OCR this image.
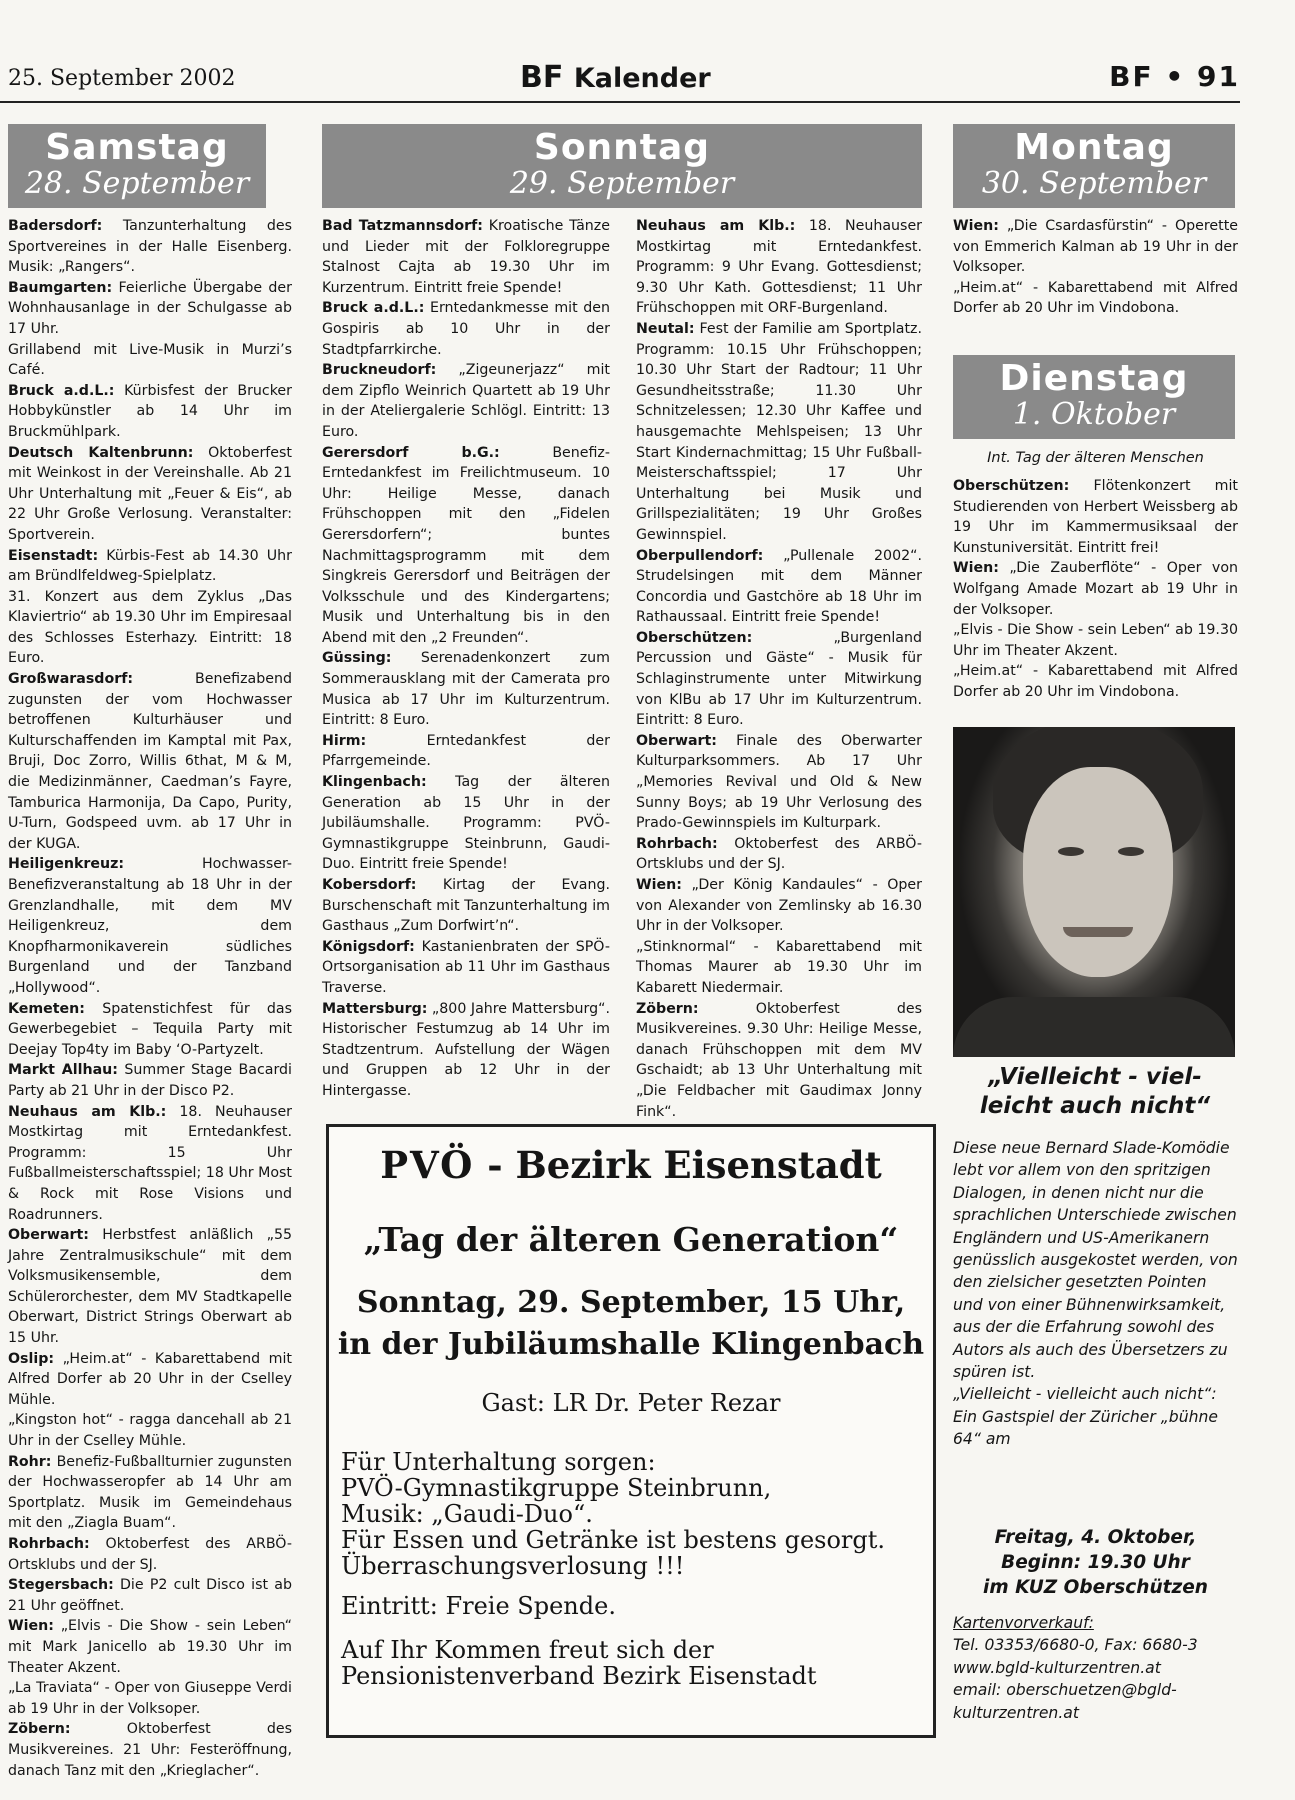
25. September 2002	BF Kalender	BF • 91
Samstag
28. September
Sonntag
29. September
Montag
30. September
Dienstag
1. Oktober

Badersdorf: Tanzunterhaltung des Sportvereines in der Halle Eisenberg. Musik: „Rangers“.

Baumgarten: Feierliche Übergabe der Wohnhausanlage in der Schulgasse ab 17 Uhr.

Grillabend mit Live-Musik in Murzi’s Café.

Bruck a.d.L.: Kürbisfest der Brucker Hobbykünstler ab 14 Uhr im Bruckmühlpark.

Deutsch Kaltenbrunn: Oktoberfest mit Weinkost in der Vereinshalle. Ab 21 Uhr Unterhaltung mit „Feuer & Eis“, ab 22 Uhr Große Verlosung. Veranstalter: Sportverein.

Eisenstadt: Kürbis-Fest ab 14.30 Uhr am Bründlfeldweg-Spielplatz.

31. Konzert aus dem Zyklus „Das Klaviertrio“ ab 19.30 Uhr im Empiresaal des Schlosses Esterhazy. Eintritt: 18 Euro.

Großwarasdorf: Benefizabend zugunsten der vom Hochwasser betroffenen Kulturhäuser und Kulturschaffenden im Kamptal mit Pax, Bruji, Doc Zorro, Willis 6that, M & M, die Medizinmänner, Caedman’s Fayre, Tamburica Harmonija, Da Capo, Purity, U-Turn, Godspeed uvm. ab 17 Uhr in der KUGA.

Heiligenkreuz: Hochwasser-Benefizveranstaltung ab 18 Uhr in der Grenzlandhalle, mit dem MV Heiligenkreuz, dem Knopfharmonikaverein südliches Burgenland und der Tanzband „Hollywood“.

Kemeten: Spatenstichfest für das Gewerbegebiet – Tequila Party mit Deejay Top4ty im Baby ‘O-Partyzelt.

Markt Allhau: Summer Stage Bacardi Party ab 21 Uhr in der Disco P2.

Neuhaus am Klb.: 18. Neuhauser Mostkirtag mit Erntedankfest. Programm: 15 Uhr Fußballmeisterschaftsspiel; 18 Uhr Most & Rock mit Rose Visions und Roadrunners.

Oberwart: Herbstfest anläßlich „55 Jahre Zentralmusikschule“ mit dem Volksmusikensemble, dem Schülerorchester, dem MV Stadtkapelle Oberwart, District Strings Oberwart ab 15 Uhr.

Oslip: „Heim.at“ - Kabarettabend mit Alfred Dorfer ab 20 Uhr in der Cselley Mühle.

„Kingston hot“ - ragga dancehall ab 21 Uhr in der Cselley Mühle.

Rohr: Benefiz-Fußballturnier zugunsten der Hochwasseropfer ab 14 Uhr am Sportplatz. Musik im Gemeindehaus mit den „Ziagla Buam“.

Rohrbach: Oktoberfest des ARBÖ-Ortsklubs und der SJ.

Stegersbach: Die P2 cult Disco ist ab 21 Uhr geöffnet.

Wien: „Elvis - Die Show - sein Leben“ mit Mark Janicello ab 19.30 Uhr im Theater Akzent.

„La Traviata“ - Oper von Giuseppe Verdi ab 19 Uhr in der Volksoper.

Zöbern: Oktoberfest des Musikvereines. 21 Uhr: Festeröffnung, danach Tanz mit den „Krieglacher“.

Bad Tatzmannsdorf: Kroatische Tänze und Lieder mit der Folkloregruppe Stalnost Cajta ab 19.30 Uhr im Kurzentrum. Eintritt freie Spende!

Bruck a.d.L.: Erntedankmesse mit den Gospiris ab 10 Uhr in der Stadtpfarrkirche.

Bruckneudorf: „Zigeunerjazz“ mit dem Zipflo Weinrich Quartett ab 19 Uhr in der Ateliergalerie Schlögl. Eintritt: 13 Euro.

Gerersdorf b.G.: Benefiz-Erntedankfest im Freilichtmuseum. 10 Uhr: Heilige Messe, danach Frühschoppen mit den „Fidelen Gerersdorfern“; buntes Nachmittagsprogramm mit dem Singkreis Gerersdorf und Beiträgen der Volksschule und des Kindergartens; Musik und Unterhaltung bis in den Abend mit den „2 Freunden“.

Güssing: Serenadenkonzert zum Sommerausklang mit der Camerata pro Musica ab 17 Uhr im Kulturzentrum. Eintritt: 8 Euro.

Hirm: Erntedankfest der Pfarrgemeinde.

Klingenbach: Tag der älteren Generation ab 15 Uhr in der Jubiläumshalle. Programm: PVÖ-Gymnastikgruppe Steinbrunn, Gaudi-Duo. Eintritt freie Spende!

Kobersdorf: Kirtag der Evang. Burschenschaft mit Tanzunterhaltung im Gasthaus „Zum Dorfwirt’n“.

Königsdorf: Kastanienbraten der SPÖ-Ortsorganisation ab 11 Uhr im Gasthaus Traverse.

Mattersburg: „800 Jahre Mattersburg“. Historischer Festumzug ab 14 Uhr im Stadtzentrum. Aufstellung der Wägen und Gruppen ab 12 Uhr in der Hintergasse.

Neuhaus am Klb.: 18. Neuhauser Mostkirtag mit Erntedankfest. Programm: 9 Uhr Evang. Gottesdienst; 9.30 Uhr Kath. Gottesdienst; 11 Uhr Frühschoppen mit ORF-Burgenland.

Neutal: Fest der Familie am Sportplatz. Programm: 10.15 Uhr Frühschoppen; 10.30 Uhr Start der Radtour; 11 Uhr Gesundheitsstraße; 11.30 Uhr Schnitzelessen; 12.30 Uhr Kaffee und hausgemachte Mehlspeisen; 13 Uhr Start Kindernachmittag; 15 Uhr Fußball-Meisterschaftsspiel; 17 Uhr Unterhaltung bei Musik und Grillspezialitäten; 19 Uhr Großes Gewinnspiel.

Oberpullendorf: „Pullenale 2002“. Strudelsingen mit dem Männer Concordia und Gastchöre ab 18 Uhr im Rathaussaal. Eintritt freie Spende!

Oberschützen: „Burgenland Percussion und Gäste“ - Musik für Schlaginstrumente unter Mitwirkung von KlBu ab 17 Uhr im Kulturzentrum. Eintritt: 8 Euro.

Oberwart: Finale des Oberwarter Kulturparksommers. Ab 17 Uhr „Memories Revival und Old & New Sunny Boys; ab 19 Uhr Verlosung des Prado-Gewinnspiels im Kulturpark.

Rohrbach: Oktoberfest des ARBÖ-Ortsklubs und der SJ.

Wien: „Der König Kandaules“ - Oper von Alexander von Zemlinsky ab 16.30 Uhr in der Volksoper.

„Stinknormal“ - Kabarettabend mit Thomas Maurer ab 19.30 Uhr im Kabarett Niedermair.

Zöbern: Oktoberfest des Musikvereines. 9.30 Uhr: Heilige Messe, danach Frühschoppen mit dem MV Gschaidt; ab 13 Uhr Unterhaltung mit „Die Feldbacher mit Gaudimax Jonny Fink“.

Wien: „Die Csardasfürstin“ - Operette von Emmerich Kalman ab 19 Uhr in der Volksoper.

„Heim.at“ - Kabarettabend mit Alfred Dorfer ab 20 Uhr im Vindobona.

Int. Tag der älteren Menschen

Oberschützen: Flötenkonzert mit Studierenden von Herbert Weissberg ab 19 Uhr im Kammermusiksaal der Kunstuniversität. Eintritt frei!

Wien: „Die Zauberflöte“ - Oper von Wolfgang Amade Mozart ab 19 Uhr in der Volksoper.

„Elvis - Die Show - sein Leben“ ab 19.30 Uhr im Theater Akzent.

„Heim.at“ - Kabarettabend mit Alfred Dorfer ab 20 Uhr im Vindobona.

„Vielleicht - viel-
leicht auch nicht“
Diese neue Bernard Slade-Komödie lebt vor allem von den spritzigen Dialogen, in denen nicht nur die sprachlichen Unterschiede zwischen Engländern und US-Amerikanern genüsslich ausgekostet werden, von den zielsicher gesetzten Pointen und von einer Bühnenwirksamkeit, aus der die Erfahrung sowohl des Autors als auch des Übersetzers zu spüren ist.
„Vielleicht - vielleicht auch nicht“: Ein Gastspiel der Züricher „bühne 64“ am
Freitag, 4. Oktober,
Beginn: 19.30 Uhr
im KUZ Oberschützen
Kartenvorverkauf:
Tel. 03353/6680-0, Fax: 6680-3
www.bgld-kulturzentren.at
email: oberschuetzen@bgld-kulturzentren.at
PVÖ - Bezirk Eisenstadt
„Tag der älteren Generation“
Sonntag, 29. September, 15 Uhr,
in der Jubiläumshalle Klingenbach
Gast: LR Dr. Peter Rezar
Für Unterhaltung sorgen:
PVÖ-Gymnastikgruppe Steinbrunn,
Musik: „Gaudi-Duo“.
Für Essen und Getränke ist bestens gesorgt.
Überraschungsverlosung !!!
Eintritt: Freie Spende.
Auf Ihr Kommen freut sich der
Pensionistenverband Bezirk Eisenstadt
